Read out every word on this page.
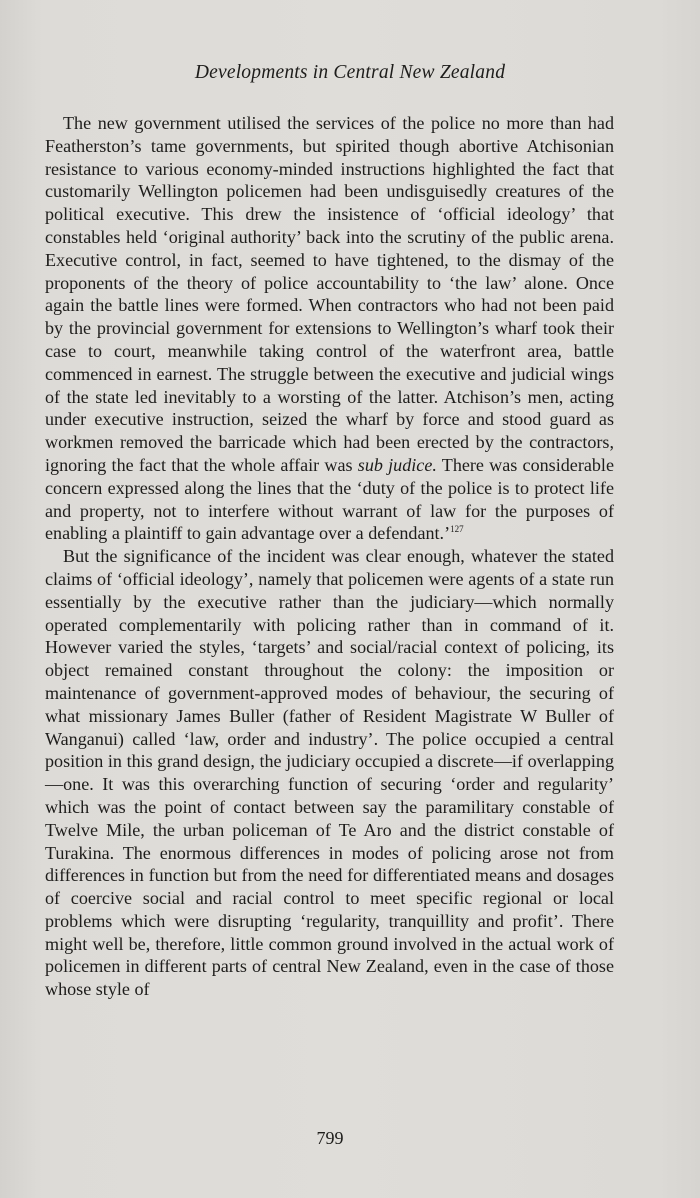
Developments in Central New Zealand

The new government utilised the services of the police no more than had Featherston’s tame governments, but spirited though abortive Atchisonian resistance to various economy-minded instructions highlighted the fact that customarily Wellington policemen had been undisguisedly creatures of the political executive. This drew the insistence of ‘official ideology’ that constables held ‘original authority’ back into the scrutiny of the public arena. Executive control, in fact, seemed to have tightened, to the dismay of the proponents of the theory of police accountability to ‘the law’ alone. Once again the battle lines were formed. When contractors who had not been paid by the provincial government for extensions to Wellington’s wharf took their case to court, meanwhile taking control of the waterfront area, battle commenced in earnest. The struggle between the executive and judicial wings of the state led inevitably to a worsting of the latter. Atchison’s men, acting under executive instruction, seized the wharf by force and stood guard as workmen removed the barricade which had been erected by the contractors, ignoring the fact that the whole affair was sub judice. There was considerable concern expressed along the lines that the ‘duty of the police is to protect life and property, not to interfere without warrant of law for the purposes of enabling a plaintiff to gain advantage over a defendant.’$^{127}$

But the significance of the incident was clear enough, whatever the stated claims of ‘official ideology’, namely that policemen were agents of a state run essentially by the executive rather than the judiciary—which normally operated complementarily with policing rather than in command of it. However varied the styles, ‘targets’ and social/racial context of policing, its object remained constant throughout the colony: the imposition or maintenance of government-approved modes of behaviour, the securing of what missionary James Buller (father of Resident Magistrate W Buller of Wanganui) called ‘law, order and industry’. The police occupied a central position in this grand design, the judiciary occupied a discrete—if overlapping—one. It was this overarching function of securing ‘order and regularity’ which was the point of contact between say the paramilitary constable of Twelve Mile, the urban policeman of Te Aro and the district constable of Turakina. The enormous differences in modes of policing arose not from differences in function but from the need for differentiated means and dosages of coercive social and racial control to meet specific regional or local problems which were disrupting ‘regularity, tranquillity and profit’. There might well be, therefore, little common ground involved in the actual work of policemen in different parts of central New Zealand, even in the case of those whose style of

799
